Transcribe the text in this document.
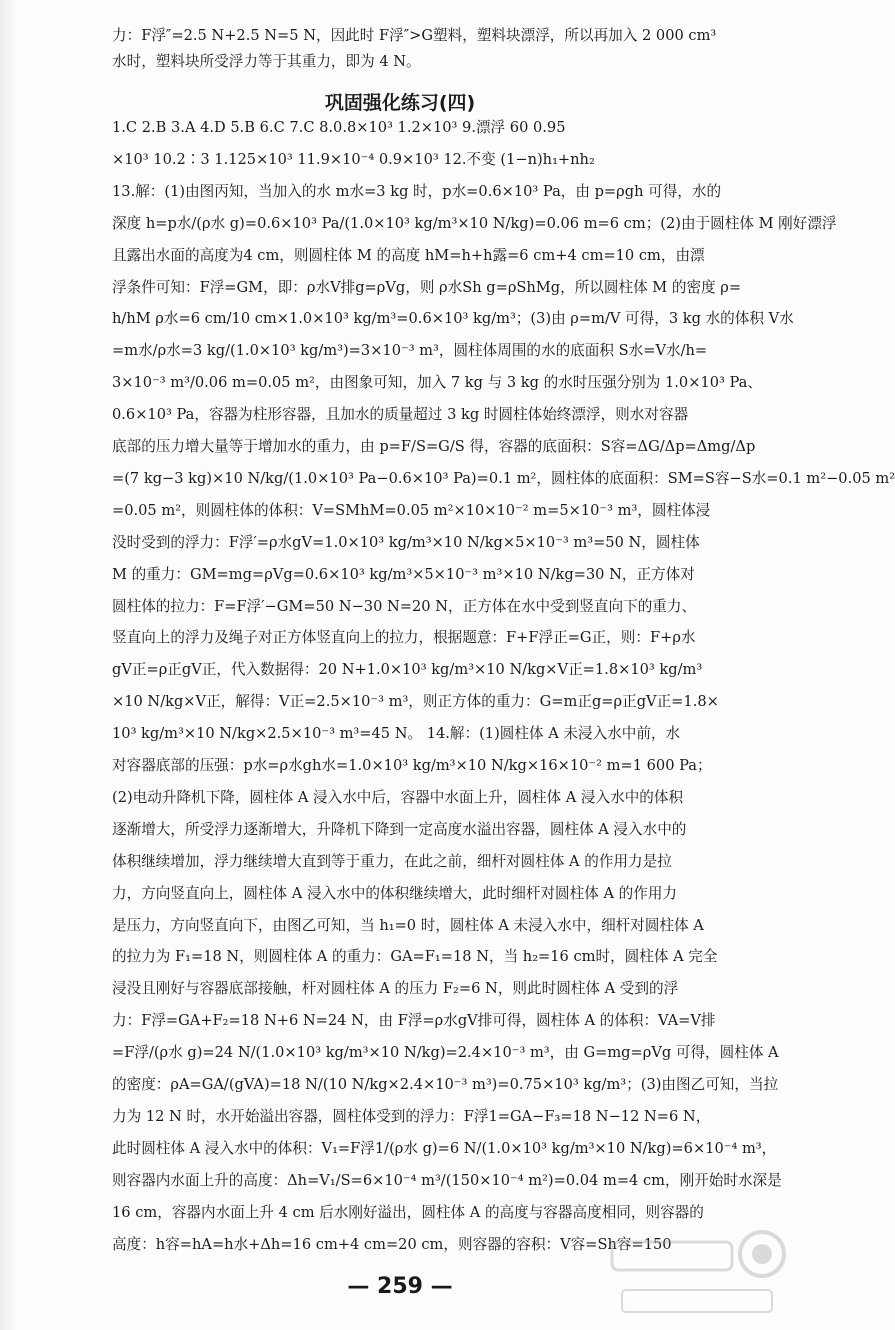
力：F浮″=2.5 N+2.5 N=5 N，因此时 F浮″>G塑料，塑料块漂浮，所以再加入 2 000 cm³
水时，塑料块所受浮力等于其重力，即为 4 N。
巩固强化练习(四)
1.C 2.B 3.A 4.D 5.B 6.C 7.C 8.0.8×10³ 1.2×10³ 9.漂浮 60 0.95
×10³ 10.2∶3 1.125×10³ 11.9×10⁻⁴ 0.9×10³ 12.不变 (1−n)h₁+nh₂
13.解：(1)由图丙知，当加入的水 m水=3 kg 时，p水=0.6×10³ Pa，由 p=ρgh 可得，水的
深度 h=p水/(ρ水 g)=0.6×10³ Pa/(1.0×10³ kg/m³×10 N/kg)=0.06 m=6 cm；(2)由于圆柱体 M 刚好漂浮
且露出水面的高度为4 cm，则圆柱体 M 的高度 hM=h+h露=6 cm+4 cm=10 cm，由漂
浮条件可知：F浮=GM，即：ρ水V排g=ρVg，则 ρ水Sh g=ρShMg，所以圆柱体 M 的密度 ρ=
h/hM ρ水=6 cm/10 cm×1.0×10³ kg/m³=0.6×10³ kg/m³；(3)由 ρ=m/V 可得，3 kg 水的体积 V水
=m水/ρ水=3 kg/(1.0×10³ kg/m³)=3×10⁻³ m³，圆柱体周围的水的底面积 S水=V水/h=
3×10⁻³ m³/0.06 m=0.05 m²，由图象可知，加入 7 kg 与 3 kg 的水时压强分别为 1.0×10³ Pa、
0.6×10³ Pa，容器为柱形容器，且加水的质量超过 3 kg 时圆柱体始终漂浮，则水对容器
底部的压力增大量等于增加水的重力，由 p=F/S=G/S 得，容器的底面积：S容=ΔG/Δp=Δmg/Δp
=(7 kg−3 kg)×10 N/kg/(1.0×10³ Pa−0.6×10³ Pa)=0.1 m²，圆柱体的底面积：SM=S容−S水=0.1 m²−0.05 m²
=0.05 m²，则圆柱体的体积：V=SMhM=0.05 m²×10×10⁻² m=5×10⁻³ m³，圆柱体浸
没时受到的浮力：F浮′=ρ水gV=1.0×10³ kg/m³×10 N/kg×5×10⁻³ m³=50 N，圆柱体
M 的重力：GM=mg=ρVg=0.6×10³ kg/m³×5×10⁻³ m³×10 N/kg=30 N，正方体对
圆柱体的拉力：F=F浮′−GM=50 N−30 N=20 N，正方体在水中受到竖直向下的重力、
竖直向上的浮力及绳子对正方体竖直向上的拉力，根据题意：F+F浮正=G正，则：F+ρ水
gV正=ρ正gV正，代入数据得：20 N+1.0×10³ kg/m³×10 N/kg×V正=1.8×10³ kg/m³
×10 N/kg×V正，解得：V正=2.5×10⁻³ m³，则正方体的重力：G=m正g=ρ正gV正=1.8×
10³ kg/m³×10 N/kg×2.5×10⁻³ m³=45 N。 14.解：(1)圆柱体 A 未浸入水中前，水
对容器底部的压强：p水=ρ水gh水=1.0×10³ kg/m³×10 N/kg×16×10⁻² m=1 600 Pa；
(2)电动升降机下降，圆柱体 A 浸入水中后，容器中水面上升，圆柱体 A 浸入水中的体积
逐渐增大，所受浮力逐渐增大，升降机下降到一定高度水溢出容器，圆柱体 A 浸入水中的
体积继续增加，浮力继续增大直到等于重力，在此之前，细杆对圆柱体 A 的作用力是拉
力，方向竖直向上，圆柱体 A 浸入水中的体积继续增大，此时细杆对圆柱体 A 的作用力
是压力，方向竖直向下，由图乙可知，当 h₁=0 时，圆柱体 A 未浸入水中，细杆对圆柱体 A
的拉力为 F₁=18 N，则圆柱体 A 的重力：GA=F₁=18 N，当 h₂=16 cm时，圆柱体 A 完全
浸没且刚好与容器底部接触，杆对圆柱体 A 的压力 F₂=6 N，则此时圆柱体 A 受到的浮
力：F浮=GA+F₂=18 N+6 N=24 N，由 F浮=ρ水gV排可得，圆柱体 A 的体积：VA=V排
=F浮/(ρ水 g)=24 N/(1.0×10³ kg/m³×10 N/kg)=2.4×10⁻³ m³，由 G=mg=ρVg 可得，圆柱体 A
的密度：ρA=GA/(gVA)=18 N/(10 N/kg×2.4×10⁻³ m³)=0.75×10³ kg/m³；(3)由图乙可知，当拉
力为 12 N 时，水开始溢出容器，圆柱体受到的浮力：F浮1=GA−F₃=18 N−12 N=6 N，
此时圆柱体 A 浸入水中的体积：V₁=F浮1/(ρ水 g)=6 N/(1.0×10³ kg/m³×10 N/kg)=6×10⁻⁴ m³，
则容器内水面上升的高度：Δh=V₁/S=6×10⁻⁴ m³/(150×10⁻⁴ m²)=0.04 m=4 cm，刚开始时水深是
16 cm，容器内水面上升 4 cm 后水刚好溢出，圆柱体 A 的高度与容器高度相同，则容器的
高度：h容=hA=h水+Δh=16 cm+4 cm=20 cm，则容器的容积：V容=Sh容=150
— 259 —
